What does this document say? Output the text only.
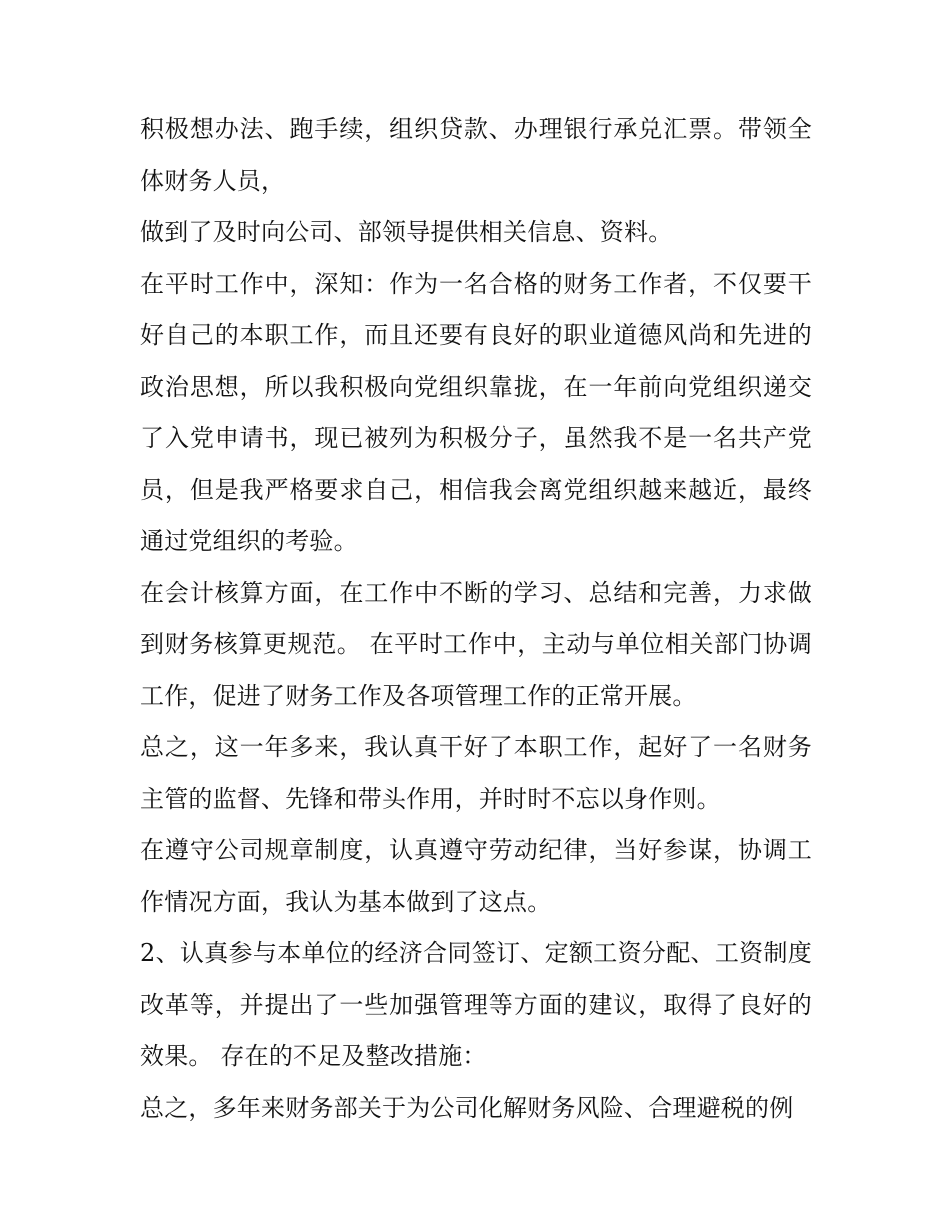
积极想办法、跑手续，组织贷款、办理银行承兑汇票。带领全体财务人员，

做到了及时向公司、部领导提供相关信息、资料。

在平时工作中，深知：作为一名合格的财务工作者，不仅要干好自己的本职工作，而且还要有良好的职业道德风尚和先进的政治思想，所以我积极向党组织靠拢，在一年前向党组织递交了入党申请书，现已被列为积极分子，虽然我不是一名共产党员，但是我严格要求自己，相信我会离党组织越来越近，最终通过党组织的考验。

在会计核算方面，在工作中不断的学习、总结和完善，力求做到财务核算更规范。 在平时工作中，主动与单位相关部门协调工作，促进了财务工作及各项管理工作的正常开展。

总之，这一年多来，我认真干好了本职工作，起好了一名财务主管的监督、先锋和带头作用，并时时不忘以身作则。

在遵守公司规章制度，认真遵守劳动纪律，当好参谋，协调工作情况方面，我认为基本做到了这点。

2、认真参与本单位的经济合同签订、定额工资分配、工资制度改革等，并提出了一些加强管理等方面的建议，取得了良好的效果。 存在的不足及整改措施：

总之，多年来财务部关于为公司化解财务风险、合理避税的例
